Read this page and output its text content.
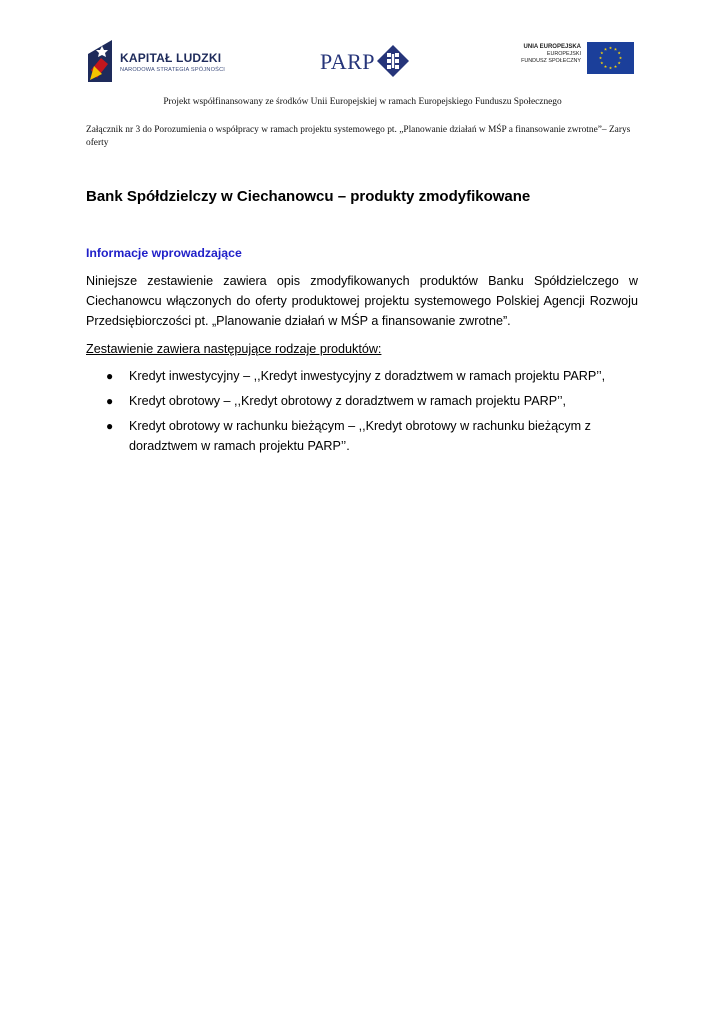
KAPITAŁ LUDZKI
NARODOWA STRATEGIA SPÓJNOŚCI	PARP
UNIA EUROPEJSKA
EUROPEJSKI
FUNDUSZ SPOŁECZNY
Projekt współfinansowany ze środków Unii Europejskiej w ramach Europejskiego Funduszu Społecznego
Załącznik nr 3 do Porozumienia o współpracy w ramach projektu systemowego pt. „Planowanie działań w MŚP a finansowanie zwrotne”– Zarys oferty
Bank Spółdzielczy w Ciechanowcu – produkty zmodyfikowane
Informacje wprowadzające

Niniejsze zestawienie zawiera opis zmodyfikowanych produktów Banku Spółdzielczego w Ciechanowcu włączonych do oferty produktowej projektu systemowego Polskiej Agencji Rozwoju Przedsiębiorczości pt. „Planowanie działań w MŚP a finansowanie zwrotne”.

Zestawienie zawiera następujące rodzaje produktów:
● Kredyt inwestycyjny – ,,Kredyt inwestycyjny z doradztwem w ramach projektu PARP’’,
● Kredyt obrotowy – ,,Kredyt obrotowy z doradztwem w ramach projektu PARP’’,
● Kredyt obrotowy w rachunku bieżącym – ,,Kredyt obrotowy w rachunku bieżącym z doradztwem w ramach projektu PARP’’.
